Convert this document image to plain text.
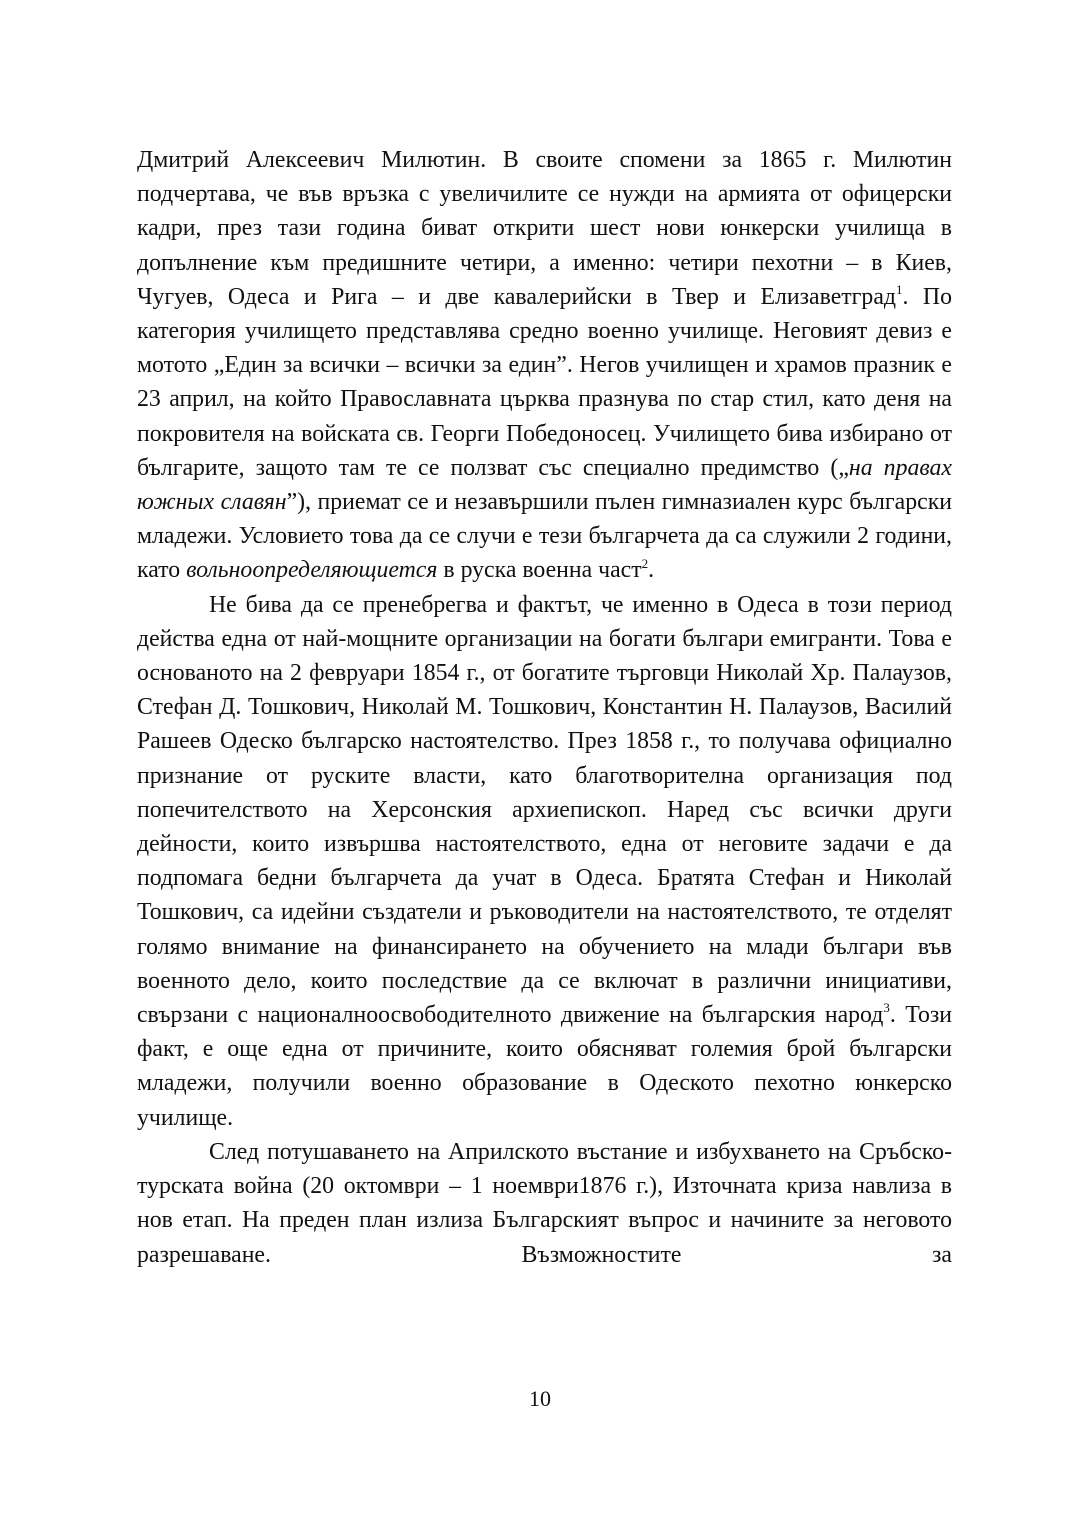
Дмитрий Алексеевич Милютин. В своите спомени за 1865 г. Милютин подчертава, че във връзка с увеличилите се нужди на армията от офицерски кадри, през тази година биват открити шест нови юнкерски училища в допълнение към предишните четири, а именно: четири пехотни – в Киев, Чугуев, Одеса и Рига – и две кавалерийски в Твер и Елизаветград$^1$. По категория училището представлява средно военно училище. Неговият девиз е мотото „Един за всички – всички за един”. Негов училищен и храмов празник е 23 април, на който Православната църква празнува по стар стил, като деня на покровителя на войската св. Георги Победоносец. Училището бива избирано от българите, защото там те се ползват със специално предимство („на правах южных славян”), приемат се и незавършили пълен гимназиален курс български младежи. Условието това да се случи е тези българчета да са служили 2 години, като вольноопределяющиется в руска военна част$^2$.

Не бива да се пренебрегва и фактът, че именно в Одеса в този период действа една от най-мощните организации на богати българи емигранти. Това е основаното на 2 февруари 1854 г., от богатите търговци Николай Хр. Палаузов, Стефан Д. Тошкович, Николай М. Тошкович, Константин Н. Палаузов, Василий Рашеев Одеско българско настоятелство. През 1858 г., то получава официално признание от руските власти, като благотворителна организация под попечителството на Херсонския архиепископ. Наред със всички други дейности, които извършва настоятелството, една от неговите задачи е да подпомага бедни българчета да учат в Одеса. Братята Стефан и Николай Тошкович, са идейни създатели и ръководители на настоятелството, те отделят голямо внимание на финансирането на обучението на млади българи във военното дело, които последствие да се включат в различни инициативи, свързани с националноосвободителното движение на българския народ$^3$. Този факт, е още една от причините, които обясняват големия брой български младежи, получили военно образование в Одеското пехотно юнкерско училище.

След потушаването на Априлското въстание и избухването на Сръбско-турската война (20 октомври – 1 ноември1876 г.), Източната криза навлиза в нов етап. На преден план излиза Българският въпрос и начините за неговото разрешаване. Възможностите за

10
